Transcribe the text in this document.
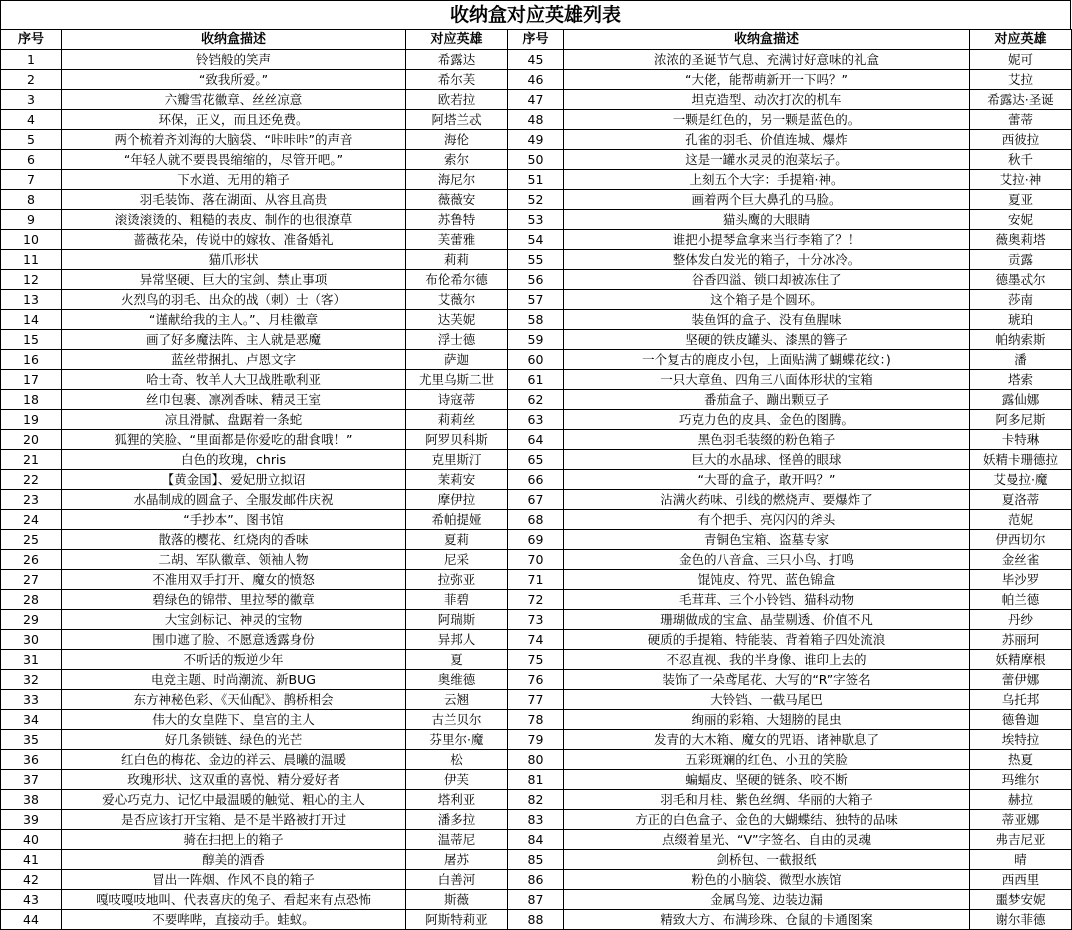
收纳盒对应英雄列表
序号	收纳盒描述	对应英雄	序号	收纳盒描述	对应英雄
1	铃铛般的笑声	希露达	45	浓浓的圣诞节气息、充满讨好意味的礼盒	妮可
2	“致我所爱。”	希尔芙	46	“大佬，能帮萌新开一下吗？”	艾拉
3	六瓣雪花徽章、丝丝凉意	欧若拉	47	坦克造型、动次打次的机车	希露达·圣诞
4	环保，正义，而且还免费。	阿塔兰忒	48	一颗是红色的，另一颗是蓝色的。	蕾蒂
5	两个梳着齐刘海的大脑袋、“咔咔咔”的声音	海伦	49	孔雀的羽毛、价值连城、爆炸	西彼拉
6	“年轻人就不要畏畏缩缩的，尽管开吧。”	索尔	50	这是一罐水灵灵的泡菜坛子。	秋千
7	下水道、无用的箱子	海尼尔	51	上刻五个大字：手提箱·神。	艾拉·神
8	羽毛装饰、落在湖面、从容且高贵	薇薇安	52	画着两个巨大鼻孔的马脸。	夏亚
9	滚烫滚烫的、粗糙的表皮、制作的也很潦草	苏鲁特	53	猫头鹰的大眼睛	安妮
10	蔷薇花朵，传说中的嫁妆、准备婚礼	芙蕾雅	54	谁把小提琴盒拿来当行李箱了？！	薇奥莉塔
11	猫爪形状	莉莉	55	整体发白发光的箱子，十分冰冷。	贡露
12	异常坚硬、巨大的宝剑、禁止事项	布伦希尔德	56	谷香四溢、锁口却被冻住了	德墨忒尔
13	火烈鸟的羽毛、出众的战（刺）士（客）	艾薇尔	57	这个箱子是个圆环。	莎南
14	“谨献给我的主人。”、月桂徽章	达芙妮	58	装鱼饵的盒子、没有鱼腥味	琥珀
15	画了好多魔法阵、主人就是恶魔	浮士德	59	坚硬的铁皮罐头、漆黑的簪子	帕纳索斯
16	蓝丝带捆扎、卢恩文字	萨迦	60	一个复古的鹿皮小包，上面贴满了蝴蝶花纹：)	潘
17	哈士奇、牧羊人大卫战胜歌利亚	尤里乌斯二世	61	一只大章鱼、四角三八面体形状的宝箱	塔索
18	丝巾包裹、凛冽香味、精灵王室	诗寇蒂	62	番茄盒子、蹦出颗豆子	露仙娜
19	凉且滑腻、盘踞着一条蛇	莉莉丝	63	巧克力色的皮具、金色的图腾。	阿多尼斯
20	狐狸的笑脸、“里面都是你爱吃的甜食哦！”	阿罗贝科斯	64	黑色羽毛装缀的粉色箱子	卡特琳
21	白色的玫瑰，chris	克里斯汀	65	巨大的水晶球、怪兽的眼球	妖精卡珊德拉
22	【黄金国】、爱妃册立拟诏	茉莉安	66	“大哥的盒子，敢开吗？”	艾曼拉·魔
23	水晶制成的圆盒子、全服发邮件庆祝	摩伊拉	67	沾满火药味、引线的燃烧声、要爆炸了	夏洛蒂
24	“手抄本”、图书馆	希帕提娅	68	有个把手、亮闪闪的斧头	范妮
25	散落的樱花、红烧肉的香味	夏莉	69	青铜色宝箱、盗墓专家	伊西切尔
26	二胡、军队徽章、领袖人物	尼采	70	金色的八音盒、三只小鸟、打鸣	金丝雀
27	不准用双手打开、魔女的愤怒	拉弥亚	71	馄饨皮、符咒、蓝色锦盒	毕沙罗
28	碧绿色的锦带、里拉琴的徽章	菲碧	72	毛茸茸、三个小铃铛、猫科动物	帕兰德
29	大宝剑标记、神灵的宝物	阿瑞斯	73	珊瑚做成的宝盒、晶莹剔透、价值不凡	丹纱
30	围巾遮了脸、不愿意透露身份	异邦人	74	硬质的手提箱、特能装、背着箱子四处流浪	苏丽珂
31	不听话的叛逆少年	夏	75	不忍直视、我的半身像、谁印上去的	妖精摩根
32	电竞主题、时尚潮流、新BUG	奥维德	76	装饰了一朵鸢尾花、大写的“R”字签名	蕾伊娜
33	东方神秘色彩、《天仙配》、鹊桥相会	云翘	77	大铃铛、一截马尾巴	乌托邦
34	伟大的女皇陛下、皇宫的主人	古兰贝尔	78	绚丽的彩箱、大翅膀的昆虫	德鲁迦
35	好几条锁链、绿色的光芒	芬里尔·魔	79	发青的大木箱、魔女的咒语、诸神歇息了	埃特拉
36	红白色的梅花、金边的祥云、晨曦的温暖	松	80	五彩斑斓的红色、小丑的笑脸	热夏
37	玫瑰形状、这双重的喜悦、精分爱好者	伊芙	81	蝙蝠皮、坚硬的链条、咬不断	玛维尔
38	爱心巧克力、记忆中最温暖的触觉、粗心的主人	塔利亚	82	羽毛和月桂、紫色丝绸、华丽的大箱子	赫拉
39	是否应该打开宝箱、是不是半路被打开过	潘多拉	83	方正的白色盒子、金色的大蝴蝶结、独特的品味	蒂亚娜
40	骑在扫把上的箱子	温蒂尼	84	点缀着星光、“V”字签名、自由的灵魂	弗吉尼亚
41	醇美的酒香	屠苏	85	剑桥包、一截报纸	晴
42	冒出一阵烟、作风不良的箱子	白善河	86	粉色的小脑袋、微型水族馆	西西里
43	嘎吱嘎吱地叫、代表喜庆的兔子、看起来有点恐怖	斯薇	87	金属鸟笼、边装边漏	噩梦安妮
44	不要哔哔，直接动手。蛙蚁。	阿斯特莉亚	88	精致大方、布满珍珠、仓鼠的卡通图案	谢尔菲德
